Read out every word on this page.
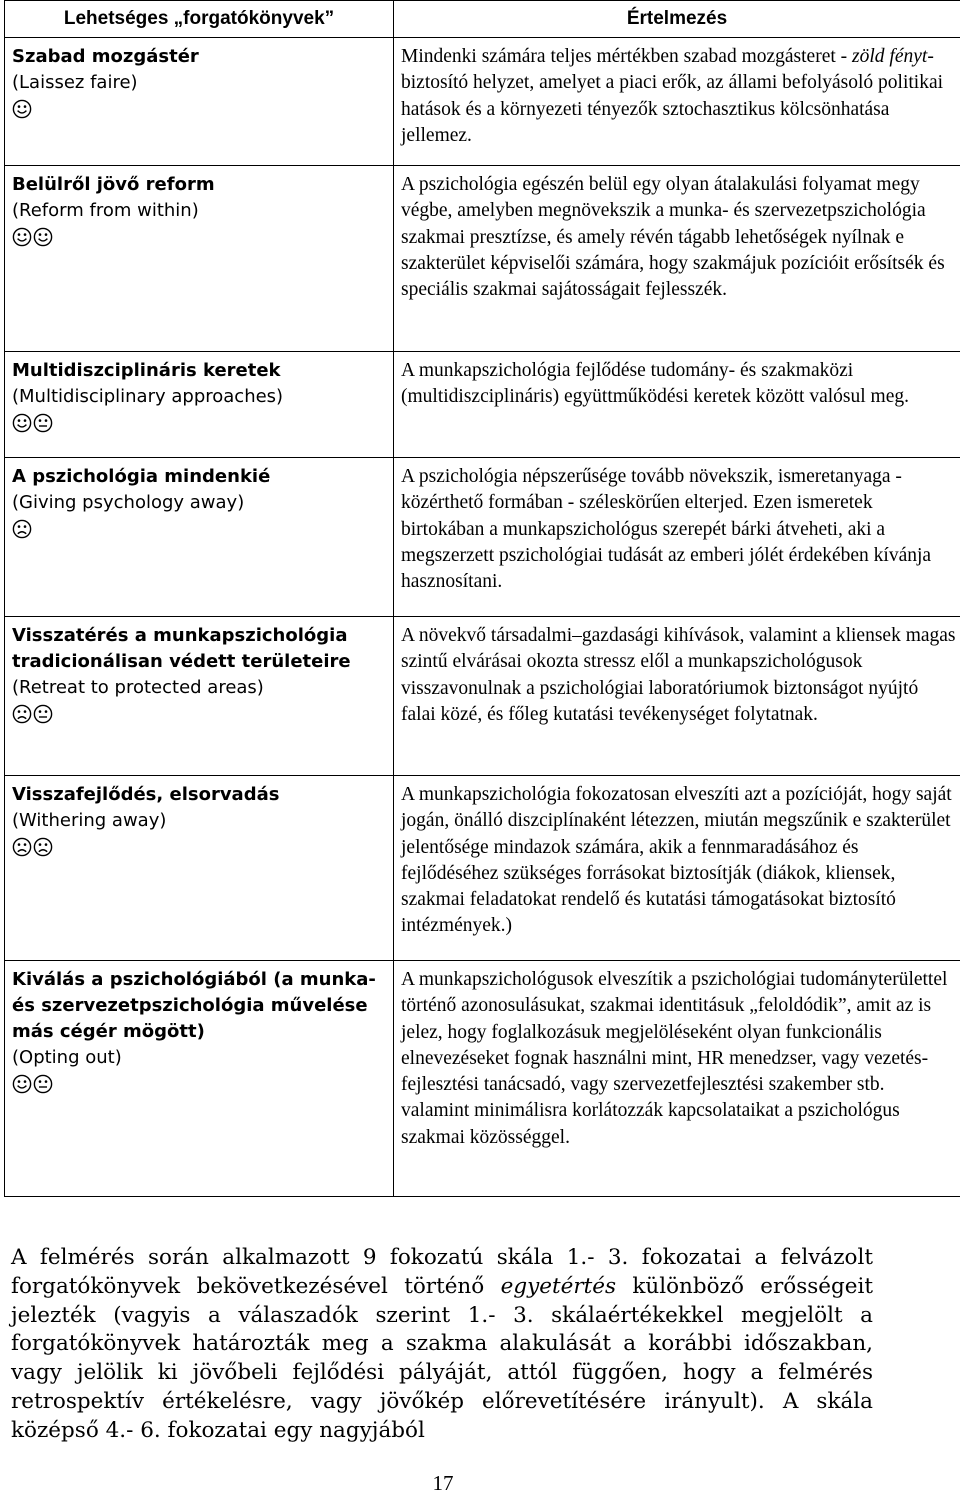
Lehetséges „forgatókönyvek”	Értelmezés

Szabad mozgástér
(Laissez faire)	Mindenki számára teljes mértékben szabad mozgásteret - zöld fényt- biztosító helyzet, amelyet a piaci erők, az állami befolyásoló politikai hatások és a környezeti tényezők sztochasztikus kölcsönhatása jellemez.

Belülről jövő reform
(Reform from within)	A pszichológia egészén belül egy olyan átalakulási folyamat megy végbe, amelyben megnövekszik a munka- és szervezetpszichológia szakmai presztízse, és amely révén tágabb lehetőségek nyílnak e szakterület képviselői számára, hogy szakmájuk pozícióit erősítsék és speciális szakmai sajátosságait fejlesszék.

Multidiszciplináris keretek
(Multidisciplinary approaches)	A munkapszichológia fejlődése tudomány- és szakmaközi (multidiszciplináris) együttműködési keretek között valósul meg.

A pszichológia mindenkié
(Giving psychology away)	A pszichológia népszerűsége tovább növekszik, ismeretanyaga - közérthető formában - széleskörűen elterjed. Ezen ismeretek birtokában a munkapszichológus szerepét bárki átveheti, aki a megszerzett pszichológiai tudását az emberi jólét érdekében kívánja hasznosítani.

Visszatérés a munkapszichológia tradicionálisan védett területeire
(Retreat to protected areas)	A növekvő társadalmi–gazdasági kihívások, valamint a kliensek magas szintű elvárásai okozta stressz elől a munkapszichológusok visszavonulnak a pszichológiai laboratóriumok biztonságot nyújtó falai közé, és főleg kutatási tevékenységet folytatnak.

Visszafejlődés, elsorvadás
(Withering away)	A munkapszichológia fokozatosan elveszíti azt a pozícióját, hogy saját jogán, önálló diszciplínaként létezzen, miután megszűnik e szakterület jelentősége mindazok számára, akik a fennmaradásához és fejlődéséhez szükséges forrásokat biztosítják (diákok, kliensek, szakmai feladatokat rendelő és kutatási támogatásokat biztosító intézmények.)

Kiválás a pszichológiából (a munka- és szervezetpszichológia művelése más cégér mögött)
(Opting out)	A munkapszichológusok elveszítik a pszichológiai tudományterülettel történő azonosulásukat, szakmai identitásuk „feloldódik”, amit az is jelez, hogy foglalkozásuk megjelöléseként olyan funkcionális elnevezéseket fognak használni mint, HR menedzser, vagy vezetés-fejlesztési tanácsadó, vagy szervezetfejlesztési szakember stb. valamint minimálisra korlátozzák kapcsolataikat a pszichológus szakmai közösséggel.
A felmérés során alkalmazott 9 fokozatú skála 1.- 3. fokozatai a felvázolt forgatókönyvek bekövetkezésével történő egyetértés különböző erősségeit jelezték (vagyis a válaszadók szerint 1.- 3. skálaértékekkel megjelölt a forgatókönyvek határozták meg a szakma alakulását a korábbi időszakban, vagy jelölik ki jövőbeli fejlődési pályáját, attól függően, hogy a felmérés retrospektív értékelésre, vagy jövőkép előrevetítésére irányult). A skála középső 4.- 6. fokozatai egy nagyjából
17
